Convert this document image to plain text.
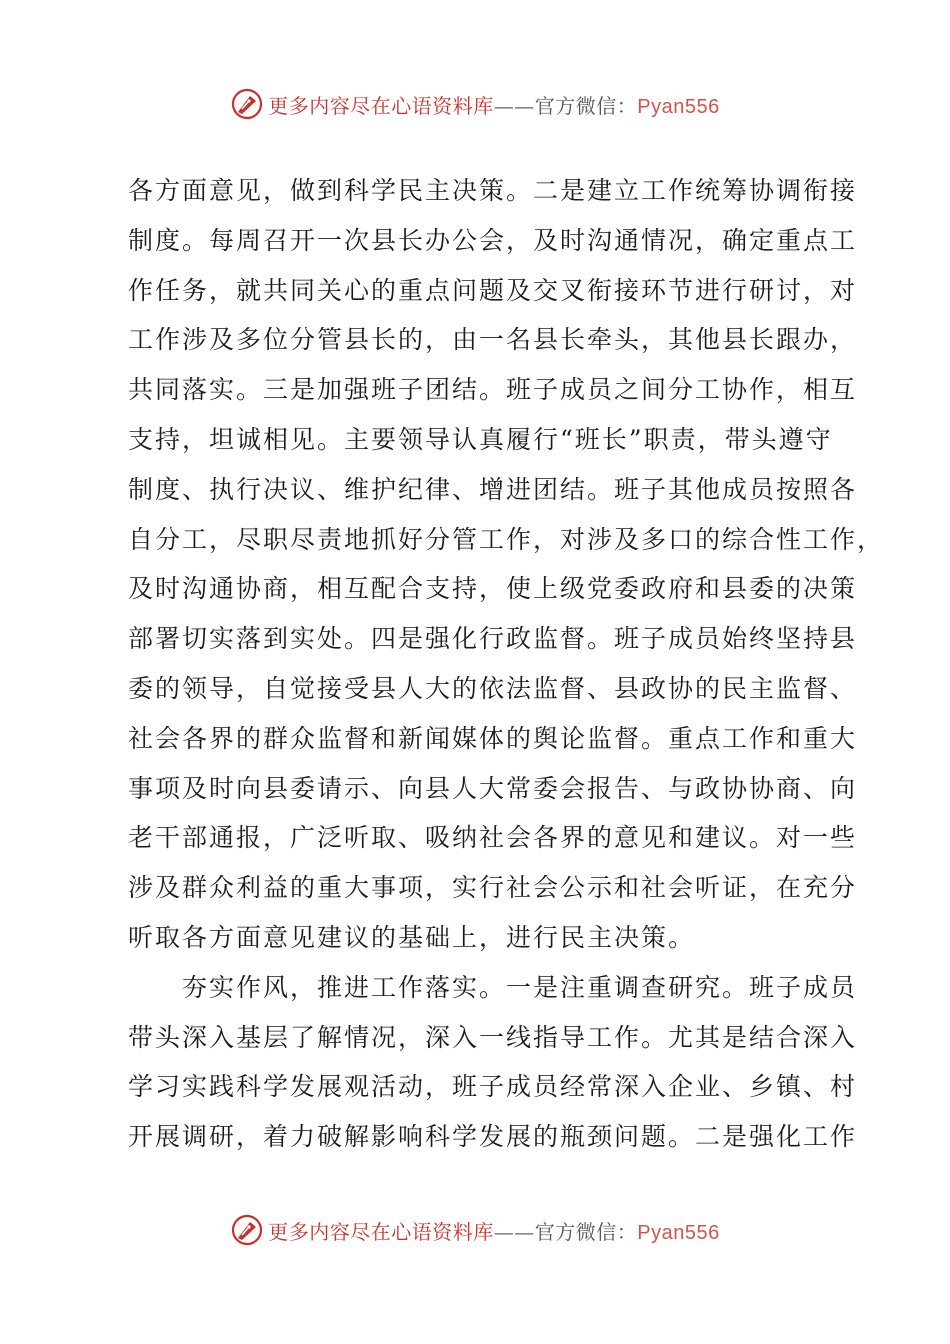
更多内容尽在心语资料库——官方微信：Pyan556

各方面意见，做到科学民主决策。二是建立工作统筹协调衔接
制度。每周召开一次县长办公会，及时沟通情况，确定重点工
作任务，就共同关心的重点问题及交叉衔接环节进行研讨，对
工作涉及多位分管县长的，由一名县长牵头，其他县长跟办，
共同落实。三是加强班子团结。班子成员之间分工协作，相互
支持，坦诚相见。主要领导认真履行“班长”职责，带头遵守
制度、执行决议、维护纪律、增进团结。班子其他成员按照各
自分工，尽职尽责地抓好分管工作，对涉及多口的综合性工作，
及时沟通协商，相互配合支持，使上级党委政府和县委的决策
部署切实落到实处。四是强化行政监督。班子成员始终坚持县
委的领导，自觉接受县人大的依法监督、县政协的民主监督、
社会各界的群众监督和新闻媒体的舆论监督。重点工作和重大
事项及时向县委请示、向县人大常委会报告、与政协协商、向
老干部通报，广泛听取、吸纳社会各界的意见和建议。对一些
涉及群众利益的重大事项，实行社会公示和社会听证，在充分
听取各方面意见建议的基础上，进行民主决策。

夯实作风，推进工作落实。一是注重调查研究。班子成员
带头深入基层了解情况，深入一线指导工作。尤其是结合深入
学习实践科学发展观活动，班子成员经常深入企业、乡镇、村
开展调研，着力破解影响科学发展的瓶颈问题。二是强化工作

更多内容尽在心语资料库——官方微信：Pyan556
